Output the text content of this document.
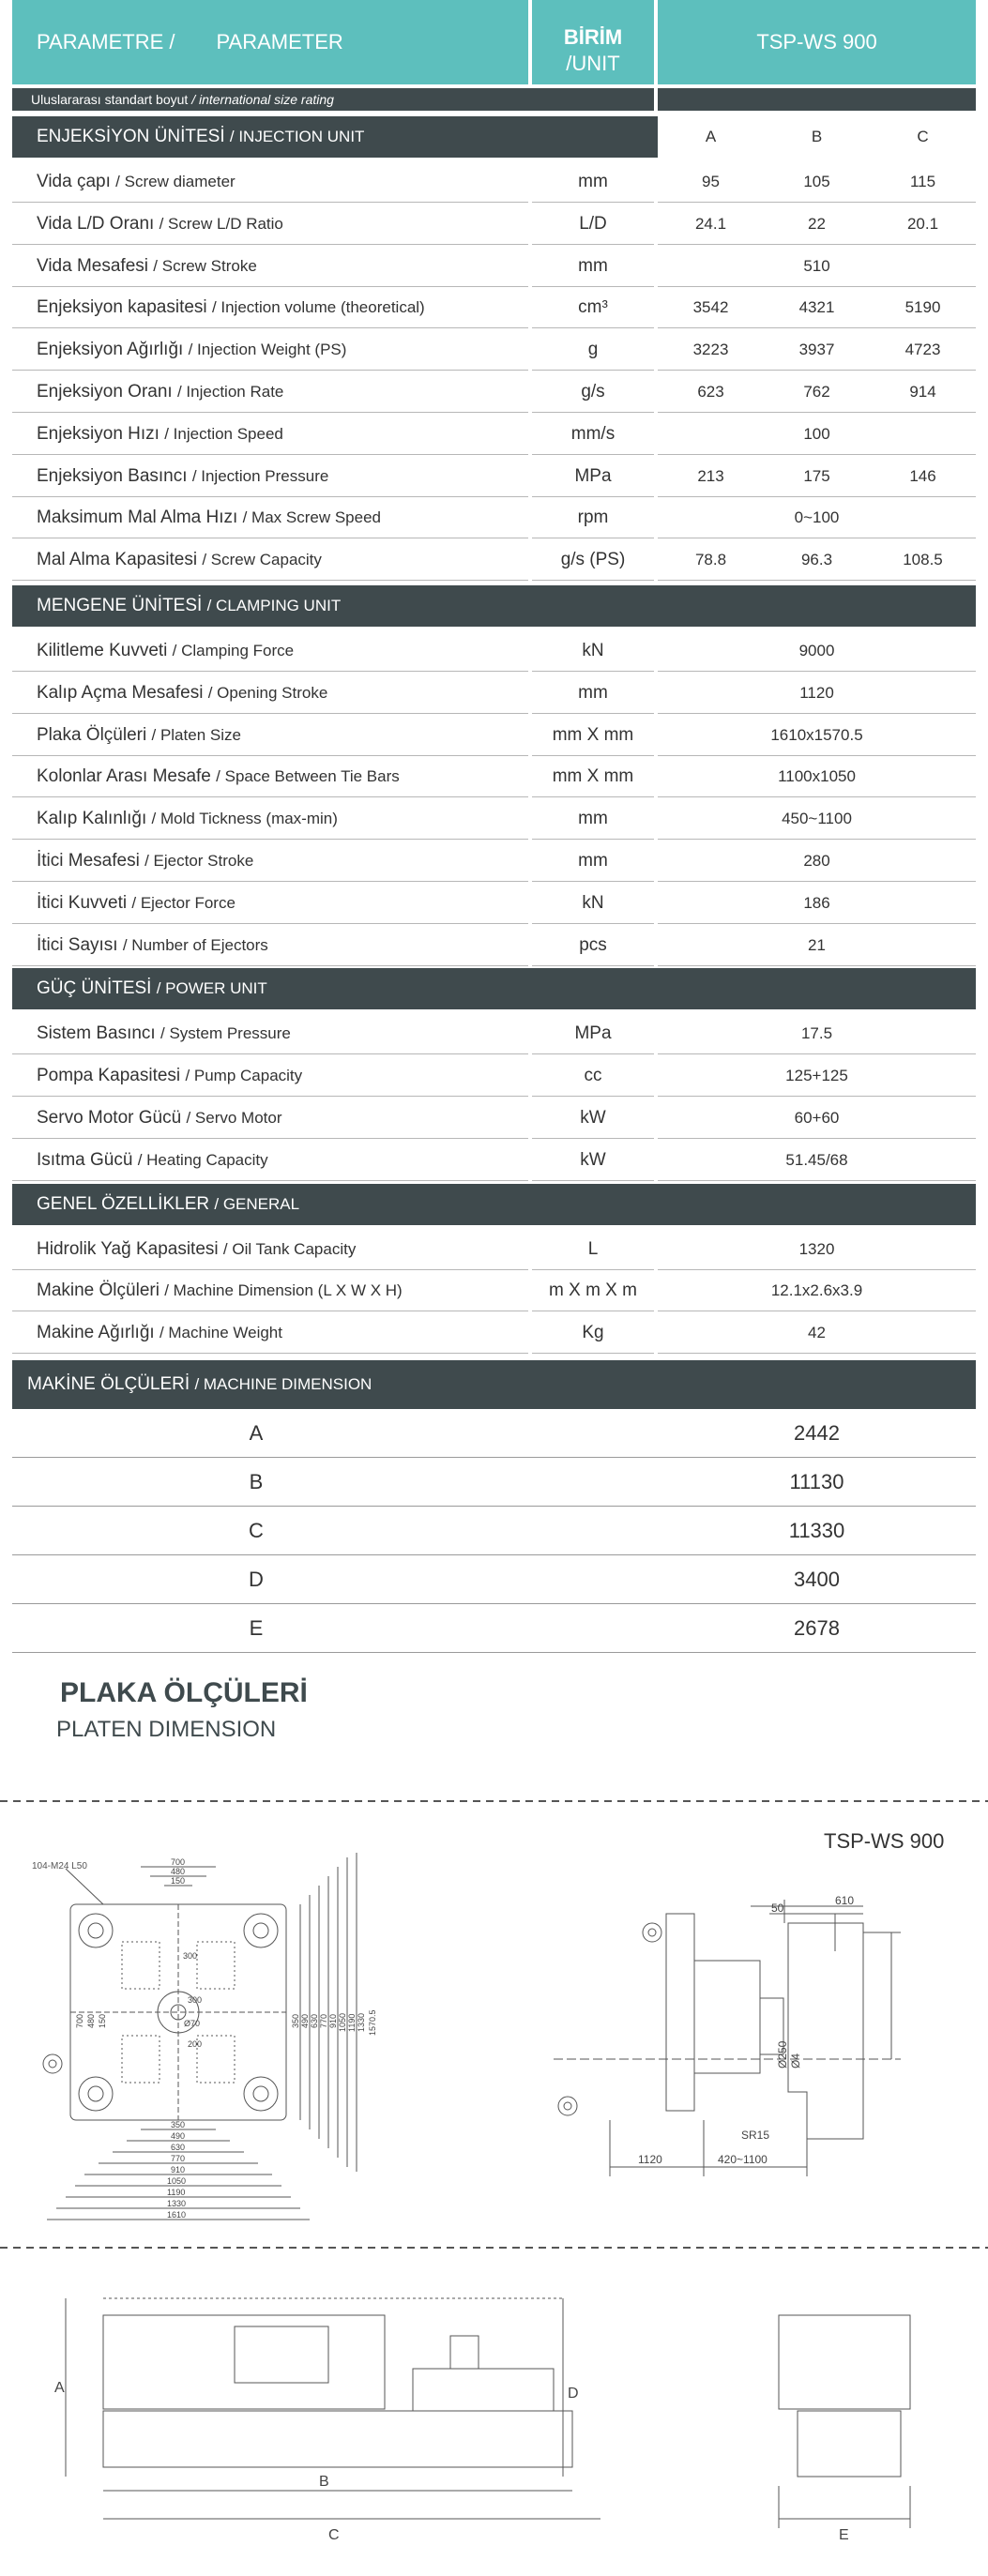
PARAMETRE / PARAMETER	BİRİM
/UNIT
TSP-WS 900
Uluslararası standart boyut / international size rating
ENJEKSİYON ÜNİTESİ / INJECTION UNIT	A	B	C
Vida çapı / Screw diameter	mm	95	105	115
Vida L/D Oranı / Screw L/D Ratio	L/D	24.1	22	20.1
Vida Mesafesi / Screw Stroke	mm	510
Enjeksiyon kapasitesi / Injection volume (theoretical)	cm³	3542	4321	5190
Enjeksiyon Ağırlığı / Injection Weight (PS)	g	3223	3937	4723
Enjeksiyon Oranı / Injection Rate	g/s	623	762	914
Enjeksiyon Hızı / Injection Speed	mm/s	100
Enjeksiyon Basıncı / Injection Pressure	MPa	213	175	146
Maksimum Mal Alma Hızı / Max Screw Speed	rpm	0~100
Mal Alma Kapasitesi / Screw Capacity	g/s (PS)	78.8	96.3	108.5
MENGENE ÜNİTESİ / CLAMPING UNIT
Kilitleme Kuvveti / Clamping Force	kN	9000
Kalıp Açma Mesafesi / Opening Stroke	mm	1120
Plaka Ölçüleri / Platen Size	mm X mm	1610x1570.5
Kolonlar Arası Mesafe / Space Between Tie Bars	mm X mm	1100x1050
Kalıp Kalınlığı / Mold Tickness (max-min)	mm	450~1100
İtici Mesafesi / Ejector Stroke	mm	280
İtici Kuvveti / Ejector Force	kN	186
İtici Sayısı / Number of Ejectors	pcs	21
GÜÇ ÜNİTESİ / POWER UNIT
Sistem Basıncı / System Pressure	MPa	17.5
Pompa Kapasitesi / Pump Capacity	cc	125+125
Servo Motor Gücü / Servo Motor	kW	60+60
Isıtma Gücü / Heating Capacity	kW	51.45/68
GENEL ÖZELLİKLER / GENERAL
Hidrolik Yağ Kapasitesi / Oil Tank Capacity	L	1320
Makine Ölçüleri / Machine Dimension (L X W X H)	m X m X m	12.1x2.6x3.9
Makine Ağırlığı / Machine Weight	Kg	42
MAKİNE ÖLÇÜLERİ / MACHINE DIMENSION
A	2442
B	11130
C	11330
D	3400
E	2678
PLAKA ÖLÇÜLERİ
PLATEN DIMENSION
TSP-WS 900
104-M24 L50	700
480
150
300
350
490
630
770
910
1050
1190
1330
1610
300
Ø70
200
350 490 630 770 910 1050 1190 1330 1570.5
700 480 150
610
50
SR15
1120	420~1100
Ø250 Ø4
A	D
B
C	E
